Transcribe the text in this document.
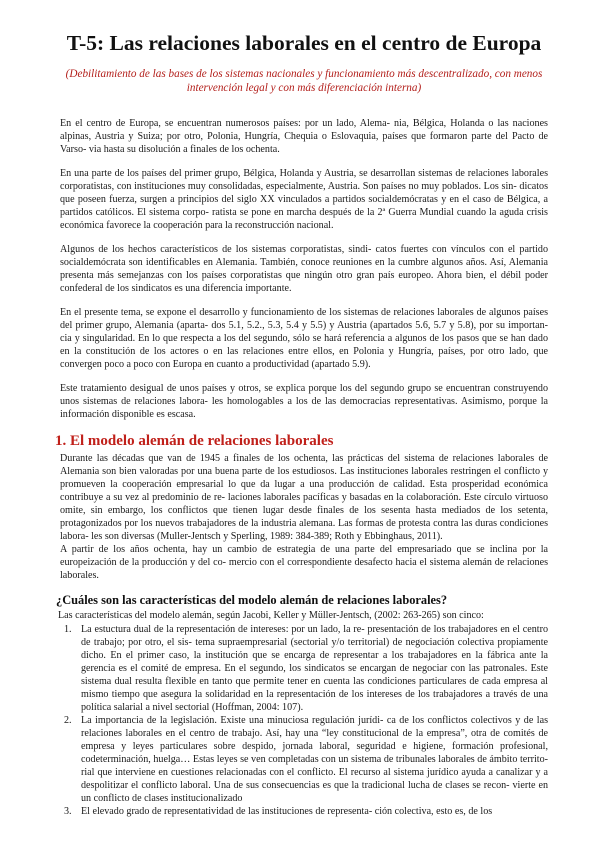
T-5: Las relaciones laborales en el centro de Europa
(Debilitamiento de las bases de los sistemas nacionales y funcionamiento más descentralizado, con menos intervención legal y con más diferenciación interna)

En el centro de Europa, se encuentran numerosos países: por un lado, Alema- nia, Bélgica, Holanda o las naciones alpinas, Austria y Suiza; por otro, Polonia, Hungría, Chequia o Eslovaquia, países que formaron parte del Pacto de Varso- via hasta su disolución a finales de los ochenta.

En una parte de los países del primer grupo, Bélgica, Holanda y Austria, se desarrollan sistemas de relaciones laborales corporatistas, con instituciones muy consolidadas, especialmente, Austria. Son países no muy poblados. Los sin- dicatos que poseen fuerza, surgen a principios del siglo XX vinculados a partidos socialdemócratas y en el caso de Bélgica, a partidos católicos. El sistema corpo- ratista se pone en marcha después de la 2ª Guerra Mundial cuando la aguda crisis económica favorece la cooperación para la reconstrucción nacional.

Algunos de los hechos característicos de los sistemas corporatistas, sindi- catos fuertes con vínculos con el partido socialdemócrata son identificables en Alemania. También, conoce reuniones en la cumbre algunos años. Así, Alemania presenta más semejanzas con los países corporatistas que ningún otro gran país europeo. Ahora bien, el débil poder confederal de los sindicatos es una diferencia importante.

En el presente tema, se expone el desarrollo y funcionamiento de los sistemas de relaciones laborales de algunos países del primer grupo, Alemania (aparta- dos 5.1, 5.2., 5.3, 5.4 y 5.5) y Austria (apartados 5.6, 5.7 y 5.8), por su importan- cia y singularidad. En lo que respecta a los del segundo, sólo se hará referencia a algunos de los pasos que se han dado en la constitución de los actores o en las relaciones entre ellos, en Polonia y Hungría, países, por otro lado, que convergen poco a poco con Europa en cuanto a productividad (apartado 5.9).

Este tratamiento desigual de unos países y otros, se explica porque los del segundo grupo se encuentran construyendo unos sistemas de relaciones labora- les homologables a los de las democracias representativas. Asimismo, porque la información disponible es escasa.

1. El modelo alemán de relaciones laborales

Durante las décadas que van de 1945 a finales de los ochenta, las prácticas del sistema de relaciones laborales de Alemania son bien valoradas por una buena parte de los estudiosos. Las instituciones laborales restringen el conflicto y promueven la cooperación empresarial lo que da lugar a una producción de calidad. Esta prosperidad económica contribuye a su vez al predominio de re- laciones laborales pacíficas y basadas en la colaboración. Este círculo virtuoso omite, sin embargo, los conflictos que tienen lugar desde finales de los sesenta hasta mediados de los setenta, protagonizados por los nuevos trabajadores de la industria alemana. Las formas de protesta contra las duras condiciones labora- les son diversas (Muller-Jentsch y Sperling, 1989: 384-389; Roth y Ebbinghaus, 2011).

A partir de los años ochenta, hay un cambio de estrategia de una parte del empresariado que se inclina por la europeización de la producción y del co- mercio con el correspondiente desafecto hacia el sistema alemán de relaciones laborales.

¿Cuáles son las características del modelo alemán de relaciones laborales?

Las características del modelo alemán, según Jacobi, Keller y Müller-Jentsch, (2002: 263-265) son cinco:

1. La estuctura dual de la representación de intereses: por un lado, la re- presentación de los trabajadores en el centro de trabajo; por otro, el sis- tema supraempresarial (sectorial y/o territorial) de negociación colectiva propiamente dicho. En el primer caso, la institución que se encarga de representar a los trabajadores en la fábrica ante la gerencia es el comité de empresa. En el segundo, los sindicatos se encargan de negociar con las patronales. Este sistema dual resulta flexible en tanto que permite tener en cuenta las condiciones particulares de cada empresa al mismo tiempo que asegura la solidaridad en la representación de los intereses de los trabajadores a través de una política salarial a nivel sectorial (Hoffman, 2004: 107).

2. La importancia de la legislación. Existe una minuciosa regulación jurídi- ca de los conflictos colectivos y de las relaciones laborales en el centro de trabajo. Así, hay una “ley constitucional de la empresa”, otra de comités de empresa y leyes particulares sobre despido, jornada laboral, seguridad e higiene, formación profesional, codeterminación, huelga… Estas leyes se ven completadas con un sistema de tribunales laborales de ámbito territo- rial que interviene en cuestiones relacionadas con el conflicto. El recurso al sistema jurídico ayuda a canalizar y a despolitizar el conflicto laboral. Una de sus consecuencias es que la tradicional lucha de clases se recon- vierte en un conflicto de clases institucionalizado

3. El elevado grado de representatividad de las instituciones de representa- ción colectiva, esto es, de los
